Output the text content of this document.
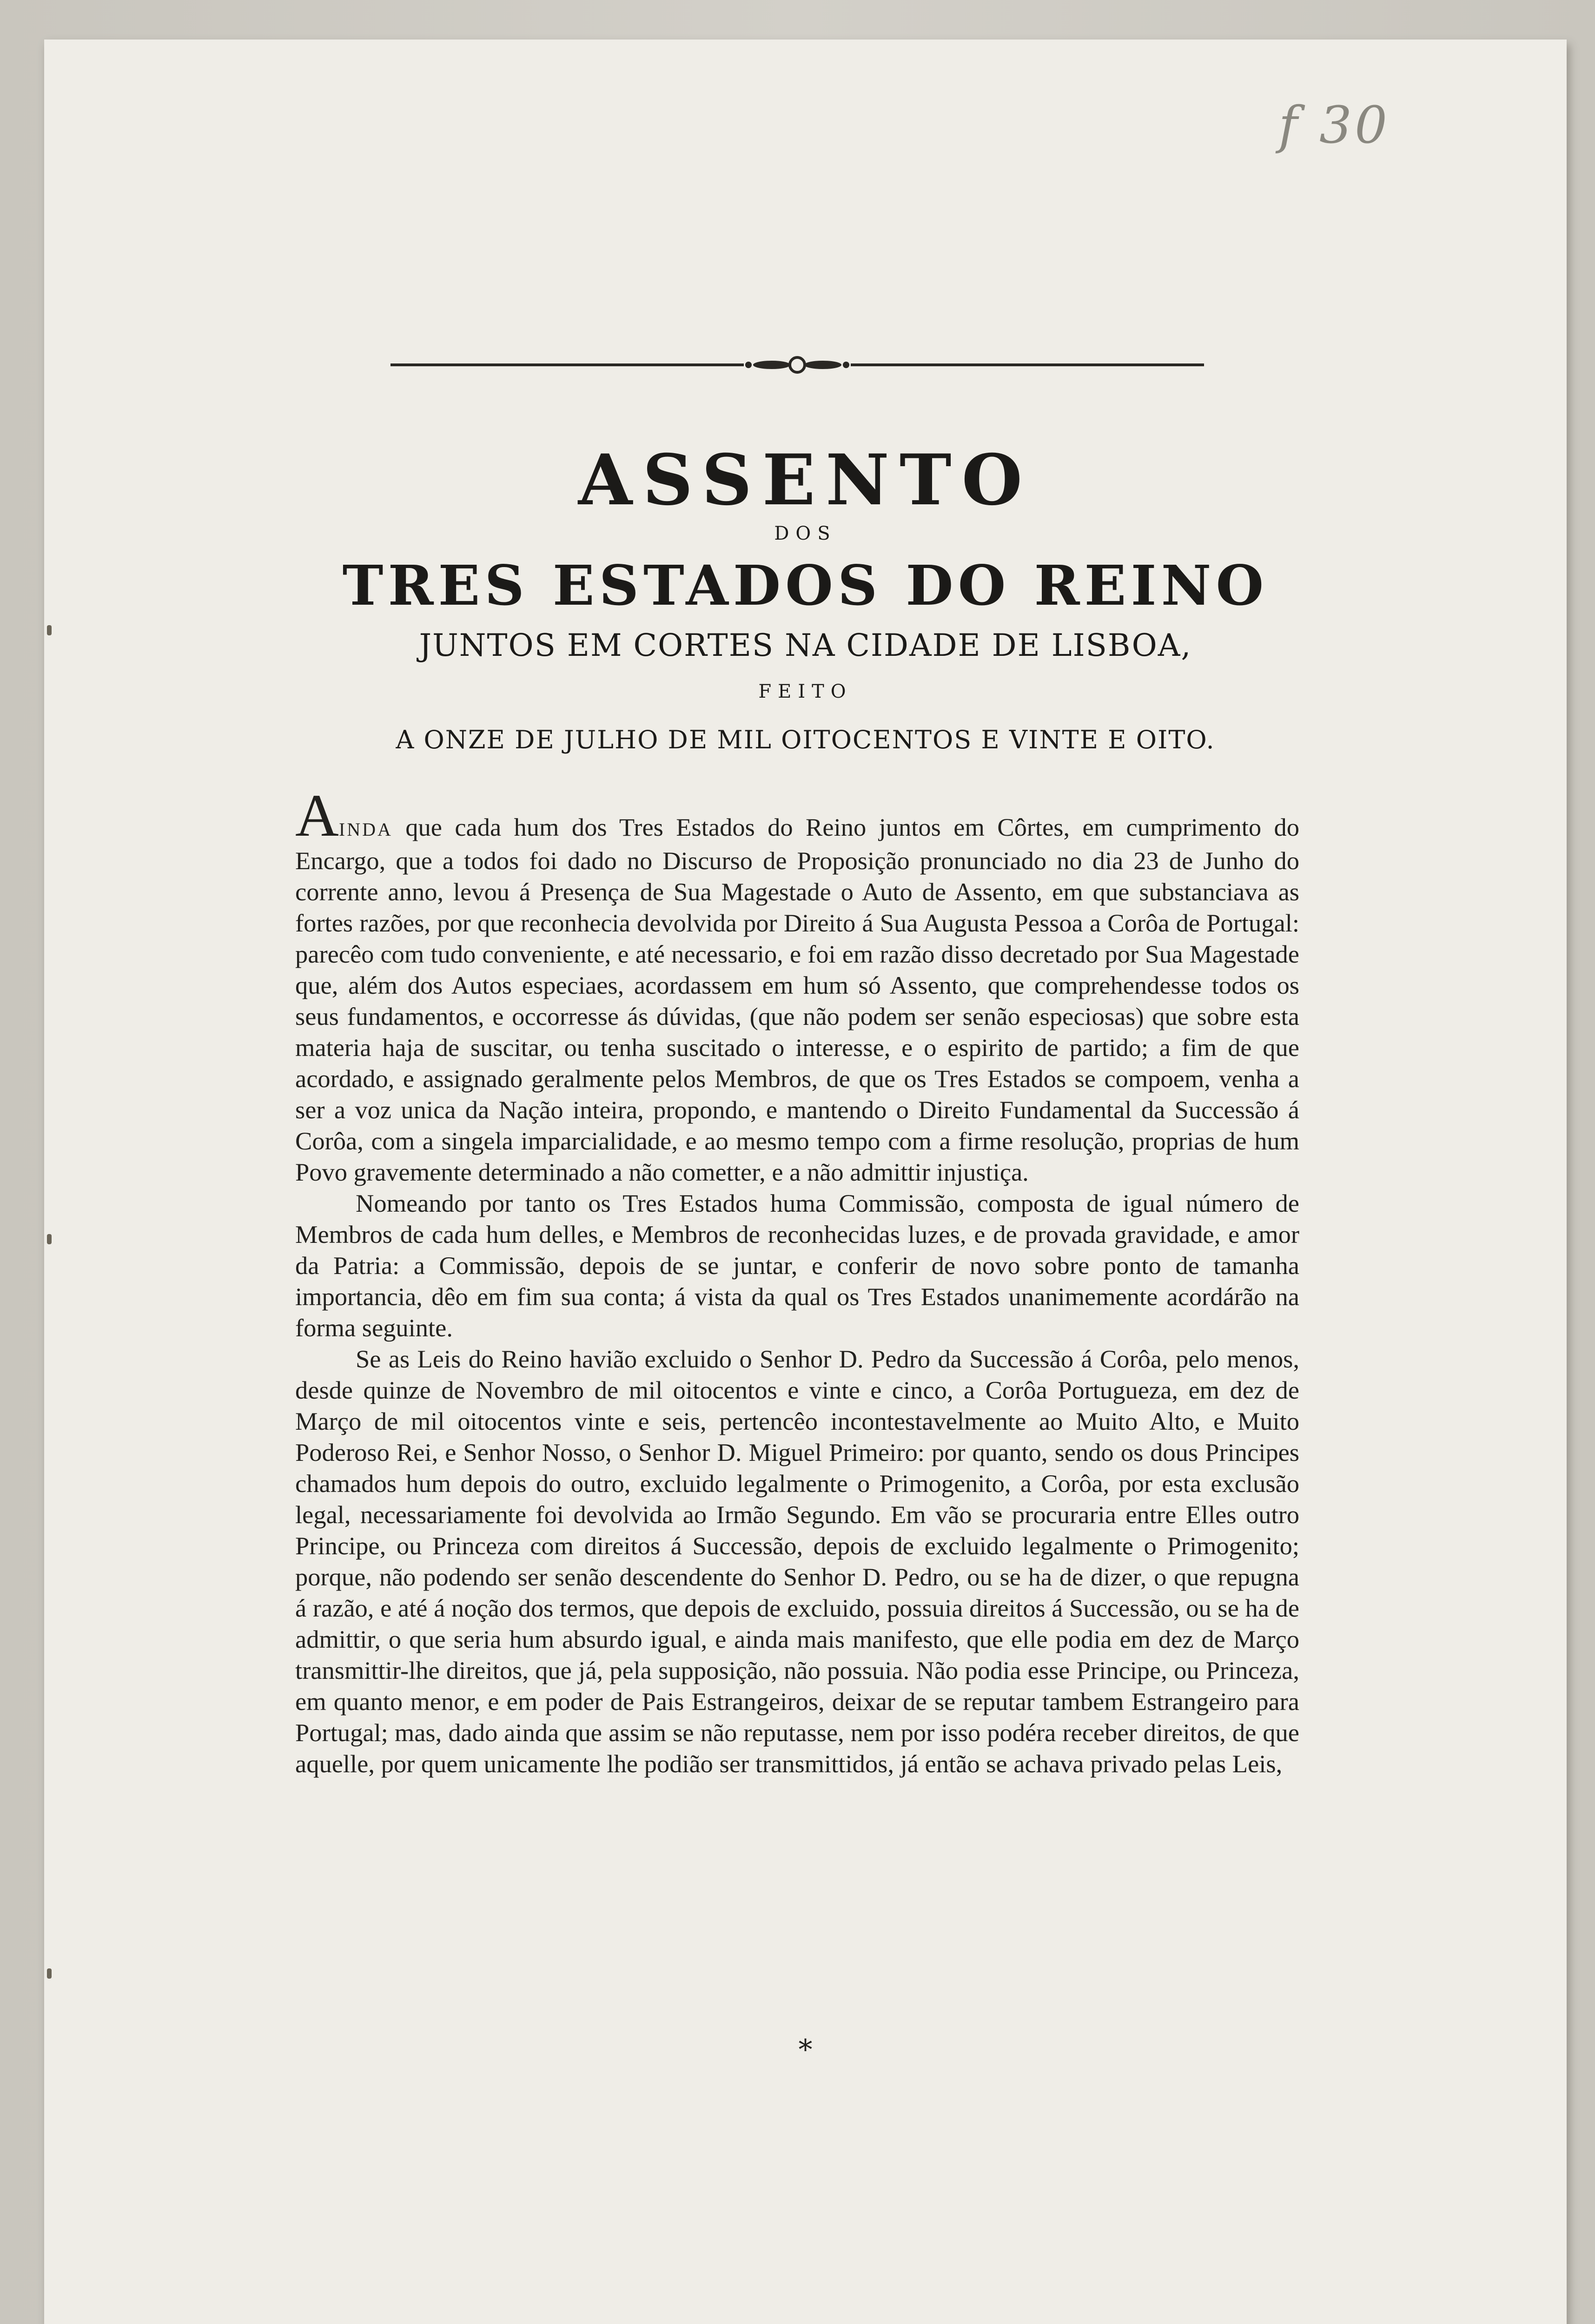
f 30
ASSENTO
DOS
TRES ESTADOS DO REINO
JUNTOS EM CORTES NA CIDADE DE LISBOA,
FEITO
A ONZE DE JULHO DE MIL OITOCENTOS E VINTE E OITO.

AINDA que cada hum dos Tres Estados do Reino juntos em Côrtes, em cumprimento do Encargo, que a todos foi dado no Discurso de Proposição pronunciado no dia 23 de Junho do corrente anno, levou á Presença de Sua Magestade o Auto de Assento, em que substanciava as fortes razões, por que reconhecia devolvida por Direito á Sua Augusta Pessoa a Corôa de Portugal: parecêo com tudo conveniente, e até necessario, e foi em razão disso decretado por Sua Magestade que, além dos Autos especiaes, acordassem em hum só Assento, que comprehendesse todos os seus fundamentos, e occorresse ás dúvidas, (que não podem ser senão especiosas) que sobre esta materia haja de suscitar, ou tenha suscitado o interesse, e o espirito de partido; a fim de que acordado, e assignado geralmente pelos Membros, de que os Tres Estados se compoem, venha a ser a voz unica da Nação inteira, propondo, e mantendo o Direito Fundamental da Successão á Corôa, com a singela imparcialidade, e ao mesmo tempo com a firme resolução, proprias de hum Povo gravemente determinado a não cometter, e a não admittir injustiça.

Nomeando por tanto os Tres Estados huma Commissão, composta de igual número de Membros de cada hum delles, e Membros de reconhecidas luzes, e de provada gravidade, e amor da Patria: a Commissão, depois de se juntar, e conferir de novo sobre ponto de tamanha importancia, dêo em fim sua conta; á vista da qual os Tres Estados unanimemente acordárão na forma seguinte.

Se as Leis do Reino havião excluido o Senhor D. Pedro da Successão á Corôa, pelo menos, desde quinze de Novembro de mil oitocentos e vinte e cinco, a Corôa Portugueza, em dez de Março de mil oitocentos vinte e seis, pertencêo incontestavelmente ao Muito Alto, e Muito Poderoso Rei, e Senhor Nosso, o Senhor D. Miguel Primeiro: por quanto, sendo os dous Principes chamados hum depois do outro, excluido legalmente o Primogenito, a Corôa, por esta exclusão legal, necessariamente foi devolvida ao Irmão Segundo. Em vão se procuraria entre Elles outro Principe, ou Princeza com direitos á Successão, depois de excluido legalmente o Primogenito; porque, não podendo ser senão descendente do Senhor D. Pedro, ou se ha de dizer, o que repugna á razão, e até á noção dos termos, que depois de excluido, possuia direitos á Successão, ou se ha de admittir, o que seria hum absurdo igual, e ainda mais manifesto, que elle podia em dez de Março transmittir-lhe direitos, que já, pela supposição, não possuia. Não podia esse Principe, ou Princeza, em quanto menor, e em poder de Pais Estrangeiros, deixar de se reputar tambem Estrangeiro para Portugal; mas, dado ainda que assim se não reputasse, nem por isso podéra receber direitos, de que aquelle, por quem unicamente lhe podião ser transmittidos, já então se achava privado pelas Leis,

*
